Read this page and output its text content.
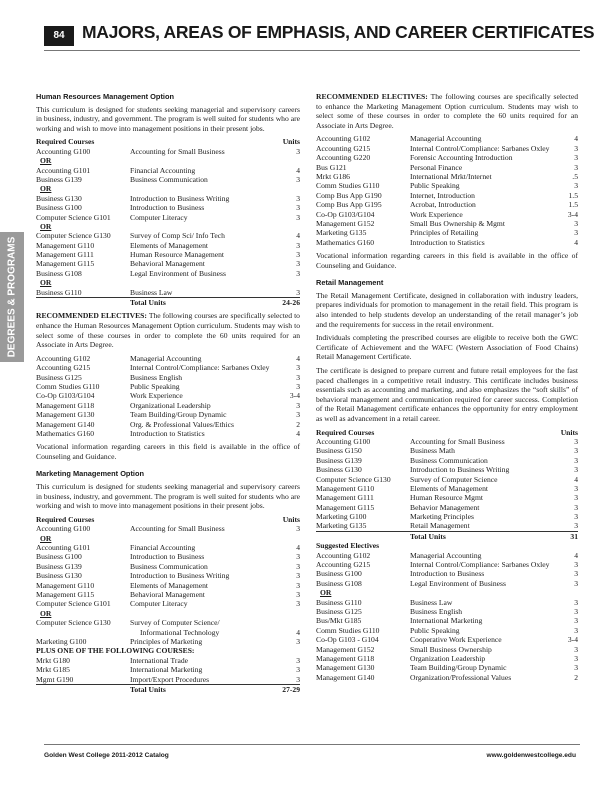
84 MAJORS, AREAS OF EMPHASIS, AND CAREER CERTIFICATES
DEGREES & PROGRAMS
Human Resources Management Option

This curriculum is designed for students seeking managerial and supervisory careers in business, industry, and government. The program is well suited for students who are working and wish to move into management positions in their present jobs.

Required Courses	Units
Accounting G100	Accounting for Small Business	3
OR
Accounting G101	Financial Accounting	4
Business G139	Business Communication	3
OR
Business G130	Introduction to Business Writing	3
Business G100	Introduction to Business	3
Computer Science G101	Computer Literacy	3
OR
Computer Science G130	Survey of Comp Sci/ Info Tech	4
Management G110	Elements of Management	3
Management G111	Human Resource Management	3
Management G115	Behavioral Management	3
Business G108	Legal Environment of Business	3
OR
Business G110	Business Law	3
Total Units	24-26

RECOMMENDED ELECTIVES: The following courses are specifically selected to enhance the Human Resources Management Option curriculum. Students may wish to select some of these courses in order to complete the 60 units required for an Associate in Arts Degree.

Accounting G102	Managerial Accounting	4
Accounting G215	Internal Control/Compliance: Sarbanes Oxley	3
Business G125	Business English	3
Comm Studies G110	Public Speaking	3
Co-Op G103/G104	Work Experience	3-4
Management G118	Organizational Leadership	3
Management G130	Team Building/Group Dynamic	3
Management G140	Org. & Professional Values/Ethics	2
Mathematics G160	Introduction to Statistics	4

Vocational information regarding careers in this field is available in the office of Counseling and Guidance.

Marketing Management Option

This curriculum is designed for students seeking managerial and supervisory careers in business, industry, and government. The program is well suited for students who are working and wish to move into management positions in their present jobs.

Required Courses	Units
Accounting G100	Accounting for Small Business	3
OR
Accounting G101	Financial Accounting	4
Business G100	Introduction to Business	3
Business G139	Business Communication	3
Business G130	Introduction to Business Writing	3
Management G110	Elements of Management	3
Management G115	Behavioral Management	3
Computer Science G101	Computer Literacy	3
OR
Computer Science G130	Survey of Computer Science/
Informational Technology	4
Marketing G100	Principles of Marketing	3
PLUS ONE OF THE FOLLOWING COURSES:
Mrkt G180	International Trade	3
Mrkt G185	International Marketing	3
Mgmt G190	Import/Export Procedures	3
Total Units	27-29

RECOMMENDED ELECTIVES: The following courses are specifically selected to enhance the Marketing Management Option curriculum. Students may wish to select some of these courses in order to complete the 60 units required for an Associate in Arts Degree.

Accounting G102	Managerial Accounting	4
Accounting G215	Internal Control/Compliance: Sarbanes Oxley	3
Accounting G220	Forensic Accounting Introduction	3
Bus G121	Personal Finance	3
Mrkt G186	International Mrkt/Internet	.5
Comm Studies G110	Public Speaking	3
Comp Bus App G190	Internet, Introduction	1.5
Comp Bus App G195	Acrobat, Introduction	1.5
Co-Op G103/G104	Work Experience	3-4
Management G152	Small Bus Ownership & Mgmt	3
Marketing G135	Principles of Retailing	3
Mathematics G160	Introduction to Statistics	4

Vocational information regarding careers in this field is available in the office of Counseling and Guidance.

Retail Management

The Retail Management Certificate, designed in collaboration with industry leaders, prepares individuals for promotion to management in the retail field. This program is also intended to help students develop an understanding of the retail manager’s job and the requirements for success in the retail environment.

Individuals completing the prescribed courses are eligible to receive both the GWC Certificate of Achievement and the WAFC (Western Association of Food Chains) Retail Management Certificate.

The certificate is designed to prepare current and future retail employees for the fast paced challenges in a competitive retail industry. This certificate includes business essentials such as accounting and marketing, and also emphasizes the “soft skills” of behavioral management and communication required for career success. Completion of the Retail Management certificate enhances the opportunity for entry employment as well as advancement in a retail career.

Required Courses	Units
Accounting G100	Accounting for Small Business	3
Business G150	Business Math	3
Business G139	Business Communication	3
Business G130	Introduction to Business Writing	3
Computer Science G130	Survey of Computer Science	4
Management G110	Elements of Management	3
Management G111	Human Resource Mgmt	3
Management G115	Behavior Management	3
Marketing G100	Marketing Principles	3
Marketing G135	Retail Management	3
Total Units	31
Suggested Electives
Accounting G102	Managerial Accounting	4
Accounting G215	Internal Control/Compliance: Sarbanes Oxley	3
Business G100	Introduction to Business	3
Business G108	Legal Environment of Business	3
OR
Business G110	Business Law	3
Business G125	Business English	3
Bus/Mkt G185	International Marketing	3
Comm Studies G110	Public Speaking	3
Co-Op G103 - G104	Cooperative Work Experience	3-4
Management G152	Small Business Ownership	3
Management G118	Organization Leadership	3
Management G130	Team Building/Group Dynamic	3
Management G140	Organization/Professional Values	2
Golden West College 2011-2012 Catalog	www.goldenwestcollege.edu
